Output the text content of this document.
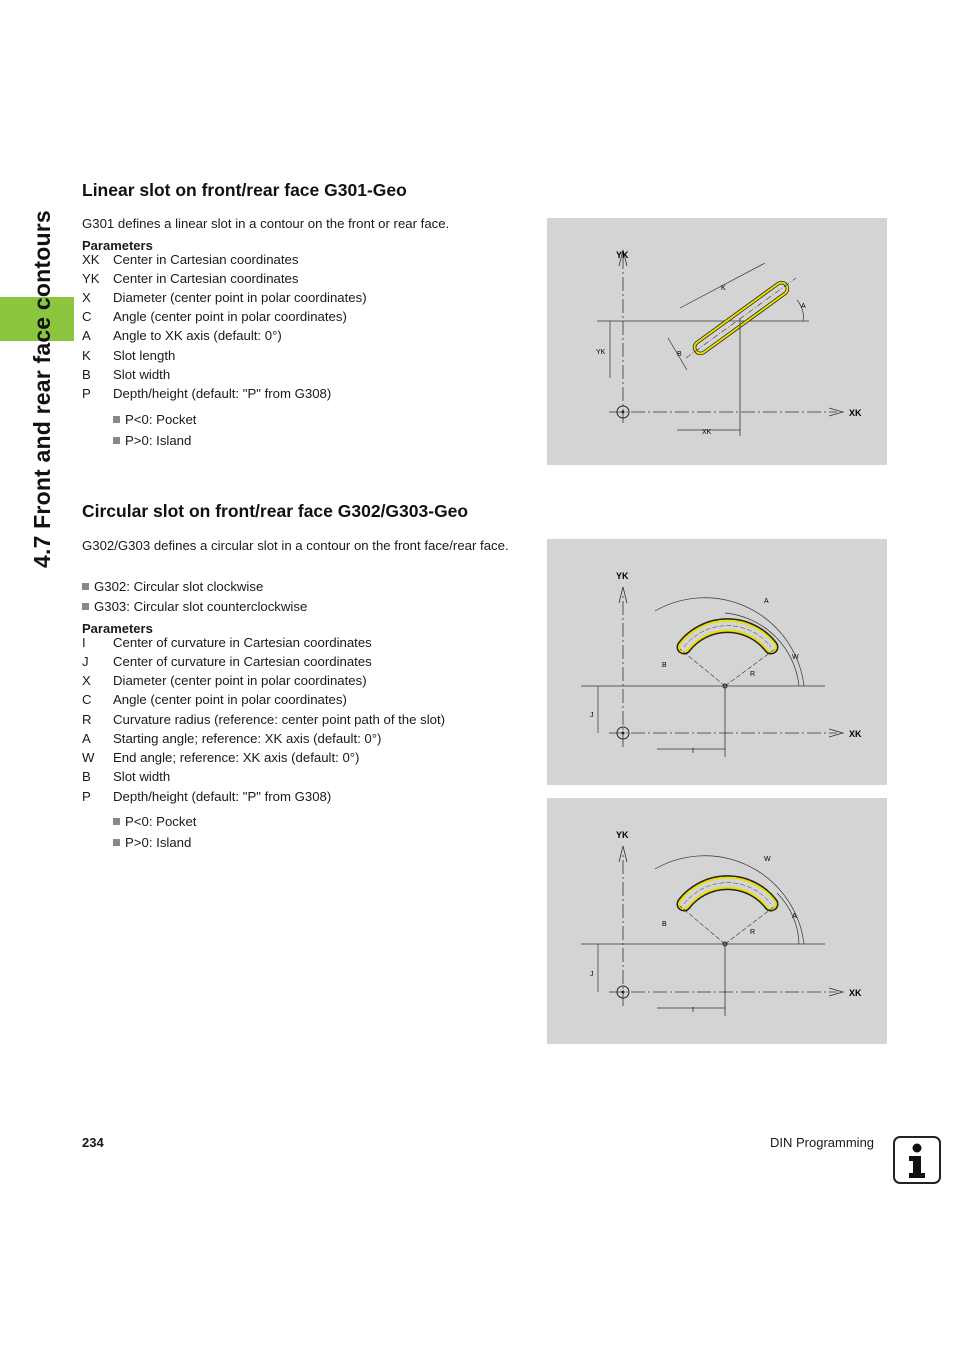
4.7 Front and rear face contours
Linear slot on front/rear face G301-Geo
G301 defines a linear slot in a contour on the front or rear face.
Parameters
XK Center in Cartesian coordinates
YK Center in Cartesian coordinates
X Diameter (center point in polar coordinates)
C Angle (center point in polar coordinates)
A Angle to XK axis (default: 0°)
K Slot length
B Slot width
P Depth/height (default: "P" from G308)
P<0: Pocket
P>0: Island
YK
XK
K
A
B
YK
XK
Circular slot on front/rear face G302/G303-Geo
G302/G303 defines a circular slot in a contour on the front face/rear face.
G302: Circular slot clockwise
G303: Circular slot counterclockwise
Parameters
I Center of curvature in Cartesian coordinates
J Center of curvature in Cartesian coordinates
X Diameter (center point in polar coordinates)
C Angle (center point in polar coordinates)
R Curvature radius (reference: center point path of the slot)
A Starting angle; reference: XK axis (default: 0°)
W End angle; reference: XK axis (default: 0°)
B Slot width
P Depth/height (default: "P" from G308)
P<0: Pocket
P>0: Island
YK
XK
A
W
B
R
J
I
YK
XK
W
A
B
R
J
I
234	DIN Programming
